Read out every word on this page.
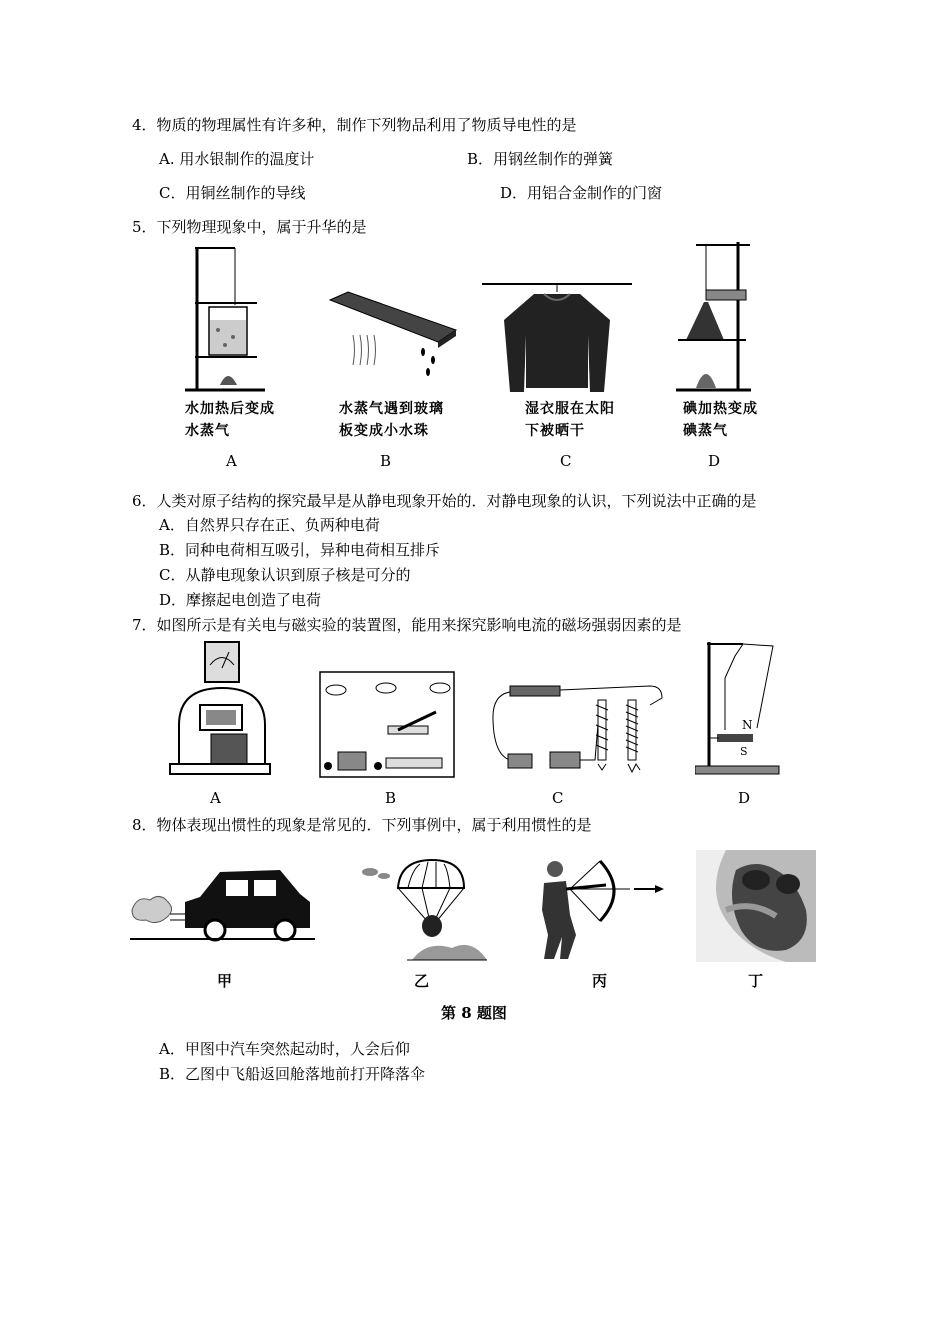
4．物质的物理属性有许多种，制作下列物品利用了物质导电性的是
A. 用水银制作的温度计	B．用钢丝制作的弹簧
C．用铜丝制作的导线	D．用铝合金制作的门窗
5．下列物理现象中，属于升华的是
水加热后变成
水蒸气
A
水蒸气遇到玻璃
板变成小水珠
B
湿衣服在太阳
下被晒干
C
碘加热变成
碘蒸气
D
6．人类对原子结构的探究最早是从静电现象开始的．对静电现象的认识，下列说法中正确的是
A．自然界只存在正、负两种电荷
B．同种电荷相互吸引，异种电荷相互排斥
C．从静电现象认识到原子核是可分的
D．摩擦起电创造了电荷
7．如图所示是有关电与磁实验的装置图，能用来探究影响电流的磁场强弱因素的是
A	B	C
N
S
D
8．物体表现出惯性的现象是常见的．下列事例中，属于利用惯性的是
甲	乙	丙	丁
第 8 题图
A．甲图中汽车突然起动时，人会后仰
B．乙图中飞船返回舱落地前打开降落伞
